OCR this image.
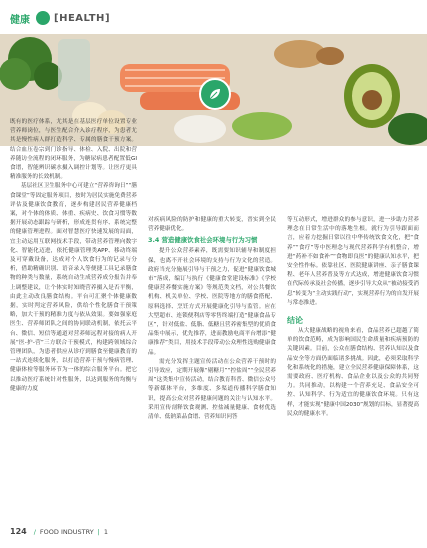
健康 [HEALTH]

既有的医疗体系，尤其是在基层医疗单位设置专业营养师岗位，与医生配合介入诊疗程序，为患者尤其是慢性病人群打造科学、专属的膳食干预方案。结合血压卷宗到门诊指导、体检、入院、出院和营养随访全流程的闭环服务，为糖尿病患者配置低GI食谱，智能辨识碳水摄入调控计划等。让医疗更具精准服务的长效机制。

基层社区卫生服务中心可建立“营养咨询日”“膳食课堂”等固定服务项目，按时为居民实施免费营养评估及健康饮食教育，逐步构建居民营养健康档案，对个体的体质、体重、疾病史、饮食习惯等数据开展动态跟踪与研析，形成连贯有序、系统完整的健康管理进程。面对智慧医疗快速发展的局面，宜主动运用互联网技术手段，带动营养管理向数字化、智能化迈进，依托健康管理类APP、移动终端及可穿戴设备，达成对个人饮食行为的记录与分析，借助精确识别、语音录入等便捷工具记录膳食物的种类与数量，系统自动生成营养成分报告并奉上调整建议，让个体实时知晓营养摄入是否平衡，由此主动改良膳食结构。平台可汇聚个体健康数据，实时判定营养风险，供给个性化膳食干预策略，加大干预的精准力度与依从效果。要如强家庭医生、营养师团队之间的协同联动机制，依托云平台、微信、短信等通道对营养师远程对接的病人开展“医-护-营”三方联合干预模式，构建跨领域综合管理团队，为患者供应从诊疗到膳食至健康教育的一站式连续化服务，以打造营养干预与慢病管理、健康体检等服务环节为一体的综合服务平台。把它以推动医疗系统针对性服务，以达到服务的均衡与健康的力度

对疾病风险的防护和健康的重大转变，晋实到全民营养健康优化。

3.4 营造健康饮食社会环境与行为习惯

提升公众营养素养，既需要知识辅导和制度担保，也离不开社会环境的支持与行为文化的营造。政府当充分施展引导与干预之力，促进“健康饮食城市”落成，编订与执行《健康食堂建设标准》《学校健康营养餐实施方案》等规范类文档，对公共餐饮机构、机关单位、学校、医院等地方的膳食搭配、原料选择、烹饪方式开展健康化引导与监管。应在大型超市、连锁便利店等零售终端打造“健康食品专区”，针对低盐、低脂、低糖且营养密集型的优质食品集中展示，优先推荐，进而教励电商平台增添“健康推荐”类目，用技术手段带动公众理性选购健康食品。

需充分发挥主题宣传活动在公众营养干预时的引导效应，定期开展像“剔糖月”“控盐周”“全民营养周”这类集中宣传活动，结合教育科普、微信公众号等新媒体平台，多维度、多渠道传播科学膳食知识，提高公众对营养健康问题的关注与认知水平。采用宣传剖释饮食观测、控盐减量健康、食材优选清单、低钠菜品食谱、营养知识问答

等互动形式，增进群众的参与意识，进一步助力营养理念在日常生活中的落地生根。就行为引导跟面而言，应着力挖掘日常以往中华传统饮食文化，把“食养”“食疗”等中医理念与现代营养科学有机整合，增进“药补不如食补”“食物即良医”的健康认知水平，把安全性作标。依靠社区、医院健康讲座、亲子膳食课程、老年人营养普及等方式达成，增进健康饮食习惯在代际传承及社会传播，逐步引导大众从“被动接受消息”转变为“主动实践行动”，实现营养行为的自发开展与常态推进。

结论

从大健康战略的视角来看，食品营养已超越了简单的饮食范畴，成为影响国民生命质量和疾病预防的关键因素。目前，公众在膳食结构、营养认知以及食品安全等方面仍面临诸多挑战。因此，必须采取科学化和系统化的措施，建立全民营养健康保障体系，这需要政府、医疗机构、食品企业以及公众的共同努力。共同推动，以构建一个营养充足、食品安全可控、认知科学、行为适宜的健康饮食环境。只有这样，才能实现“健康中国2030”规划的目标，显著提高民众的健康水平。

124 / FOOD INDUSTRY | 1
